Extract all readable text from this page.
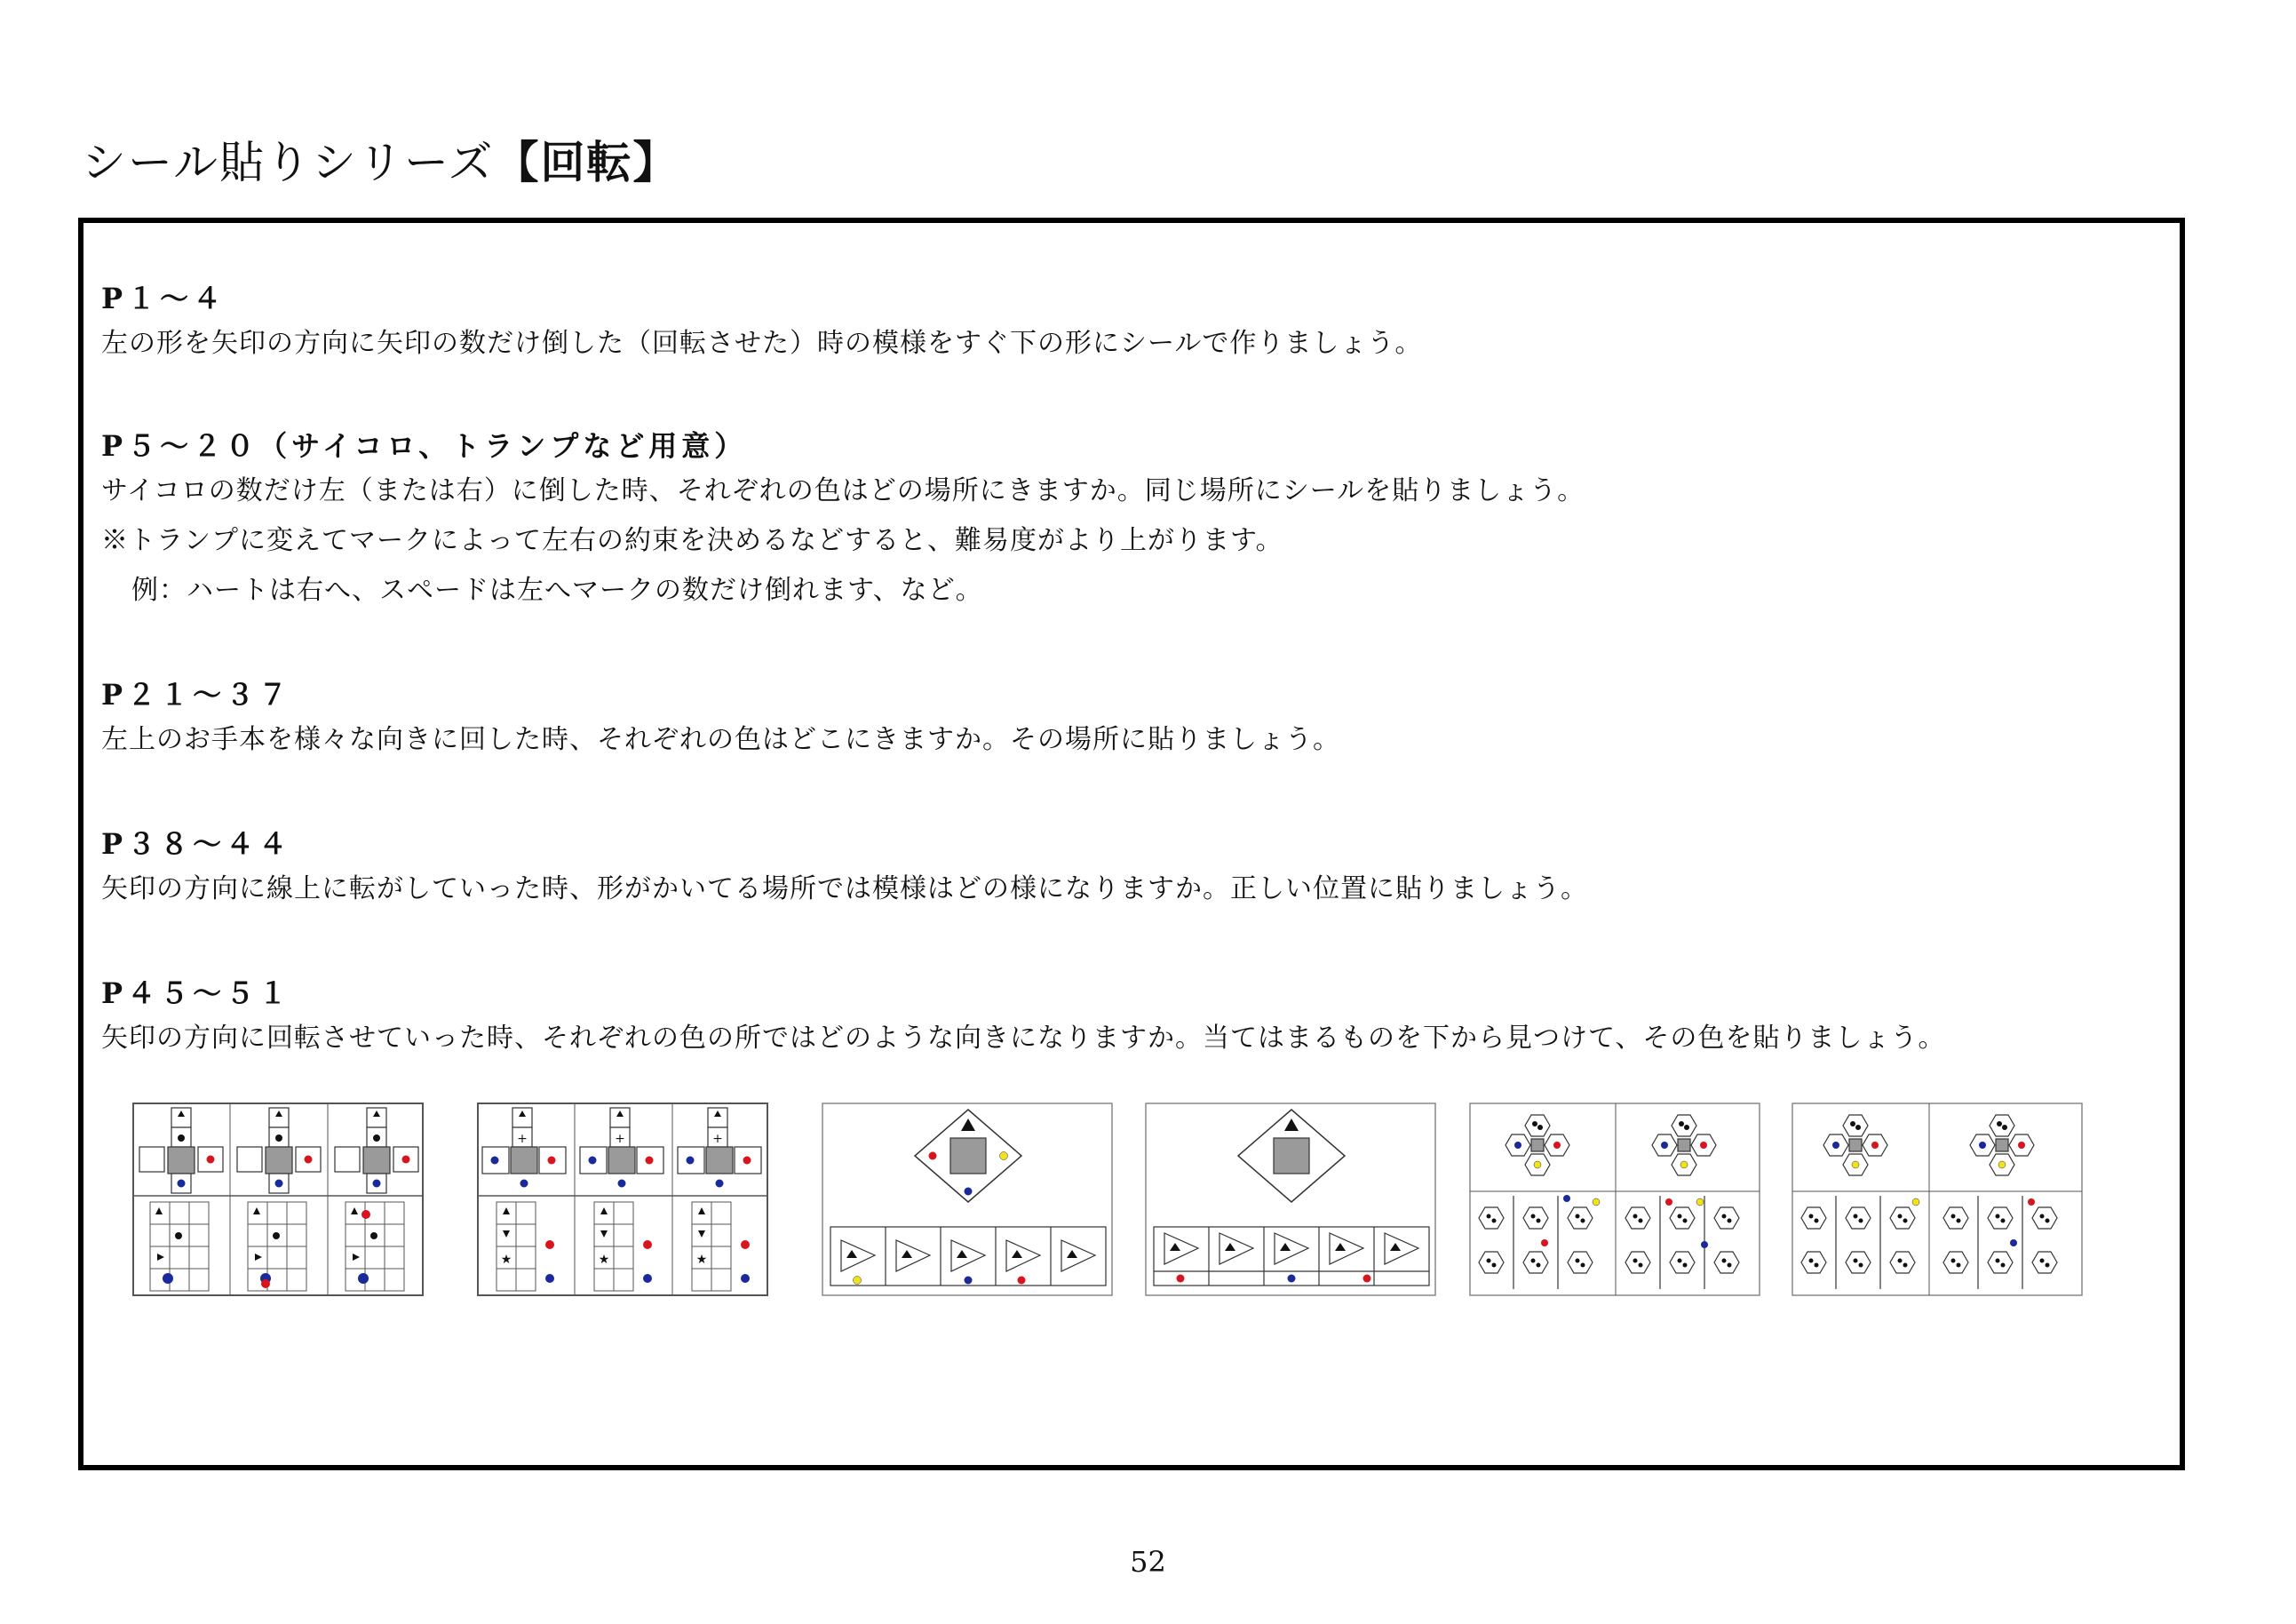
シール貼りシリーズ【回転】
P１～４
左の形を矢印の方向に矢印の数だけ倒した（回転させた）時の模様をすぐ下の形にシールで作りましょう。
P５～２０（サイコロ、トランプなど用意）
サイコロの数だけ左（または右）に倒した時、それぞれの色はどの場所にきますか。同じ場所にシールを貼りましょう。
※トランプに変えてマークによって左右の約束を決めるなどすると、難易度がより上がります。
例：ハートは右へ、スペードは左へマークの数だけ倒れます、など。
P２１～３７
左上のお手本を様々な向きに回した時、それぞれの色はどこにきますか。その場所に貼りましょう。
P３８～４４
矢印の方向に線上に転がしていった時、形がかいてる場所では模様はどの様になりますか。正しい位置に貼りましょう。
P４５～５１
矢印の方向に回転させていった時、それぞれの色の所ではどのような向きになりますか。当てはまるものを下から見つけて、その色を貼りましょう。
+
★
52
